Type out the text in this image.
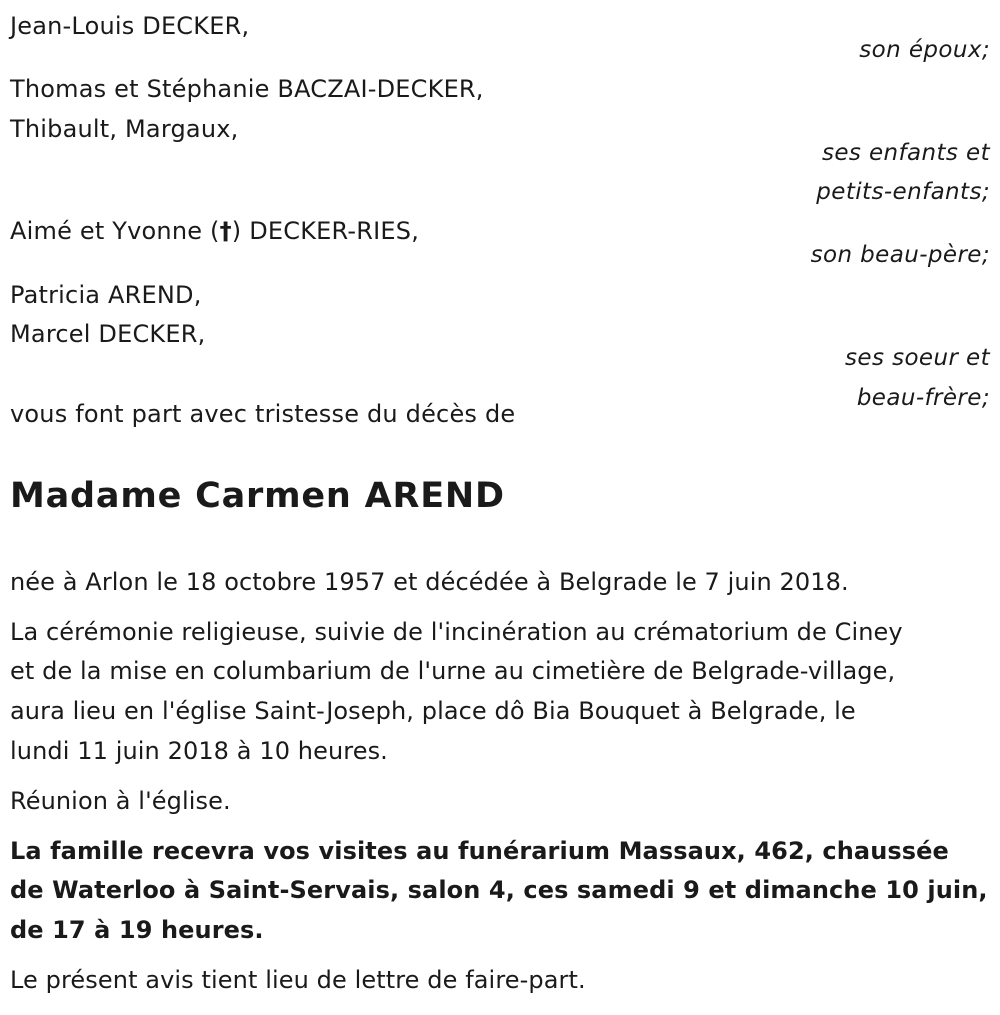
Jean-Louis DECKER,
son époux;
Thomas et Stéphanie BACZAI-DECKER,
Thibault, Margaux,
ses enfants et
petits-enfants;
Aimé et Yvonne (†) DECKER-RIES,
son beau-père;
Patricia AREND,
Marcel DECKER,
ses soeur et
beau-frère;
vous font part avec tristesse du décès de
Madame Carmen AREND
née à Arlon le 18 octobre 1957 et décédée à Belgrade le 7 juin 2018.
La cérémonie religieuse, suivie de l'incinération au crématorium de Ciney
et de la mise en columbarium de l'urne au cimetière de Belgrade-village,
aura lieu en l'église Saint-Joseph, place dô Bia Bouquet à Belgrade, le
lundi 11 juin 2018 à 10 heures.
Réunion à l'église.
La famille recevra vos visites au funérarium Massaux, 462, chaussée
de Waterloo à Saint-Servais, salon 4, ces samedi 9 et dimanche 10 juin,
de 17 à 19 heures.
Le présent avis tient lieu de lettre de faire-part.
